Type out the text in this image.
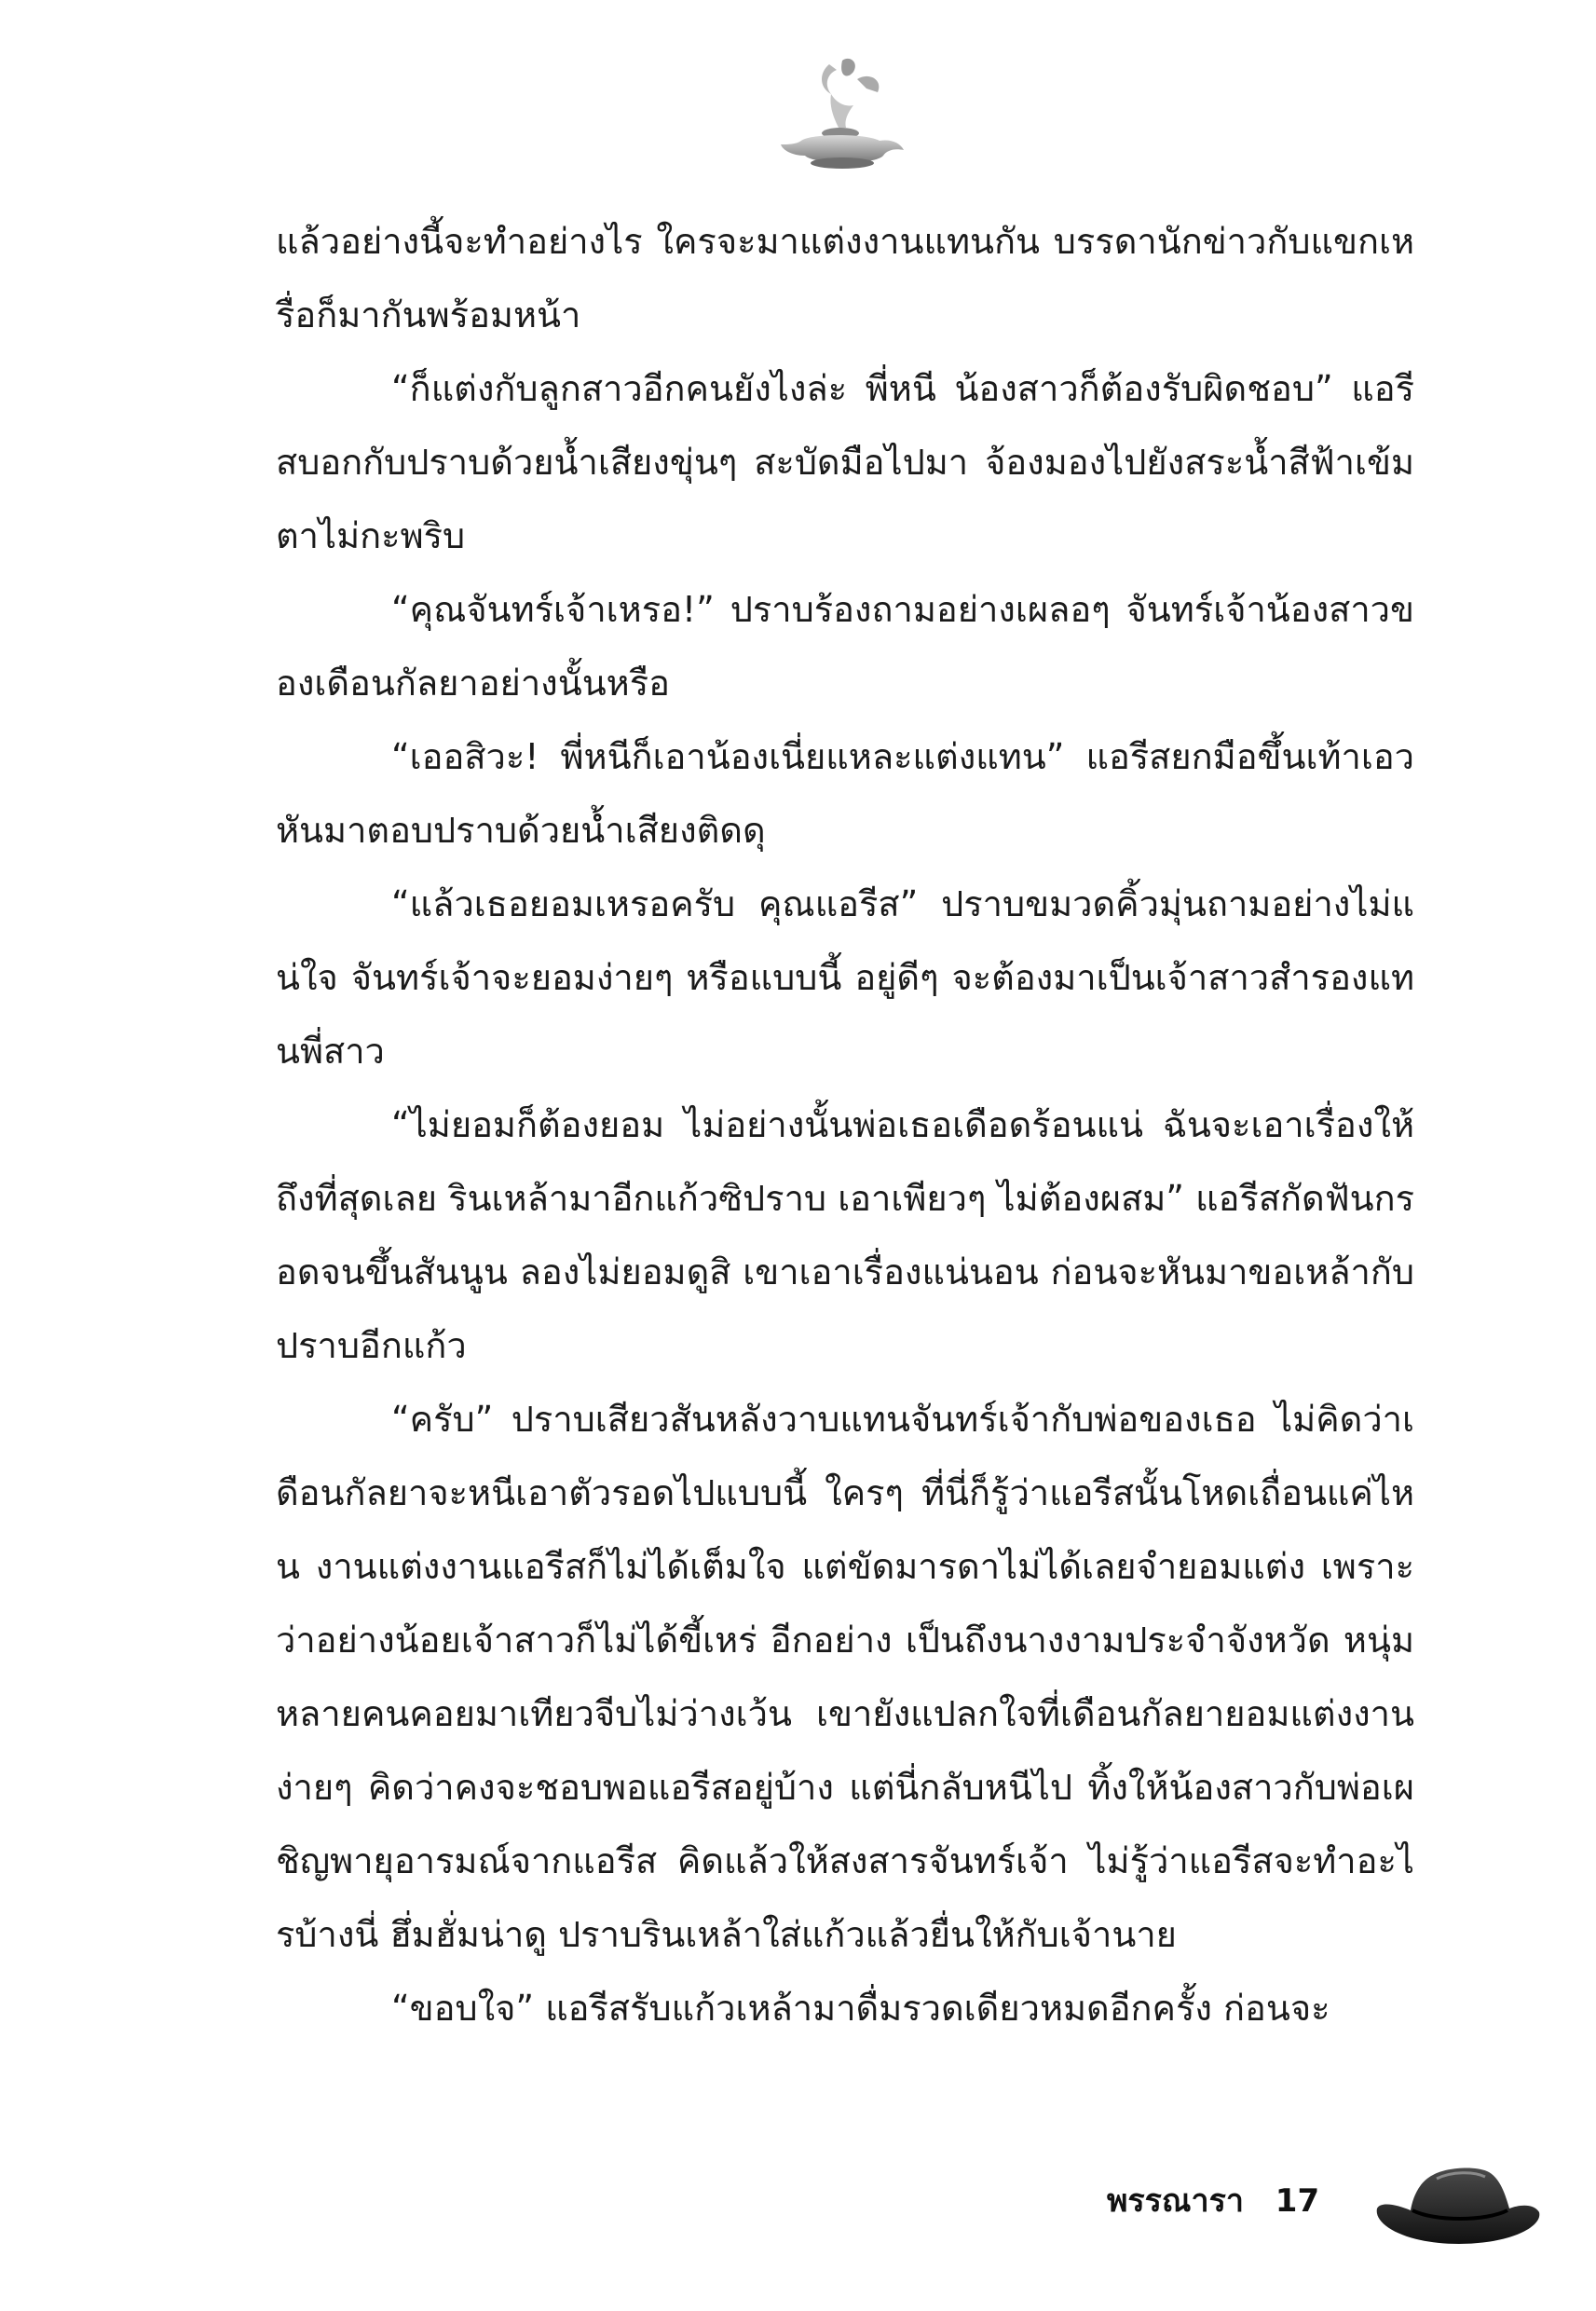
แล้วอย่างนี้จะทำอย่างไร ใครจะมาแต่งงานแทนกัน บรรดานักข่าวกับแขกเหรื่อก็มากันพร้อมหน้า

“ก็แต่งกับลูกสาวอีกคนยังไงล่ะ พี่หนี น้องสาวก็ต้องรับผิดชอบ” แอรีสบอกกับปราบด้วยน้ำเสียงขุ่นๆ สะบัดมือไปมา จ้องมองไปยังสระน้ำสีฟ้าเข้มตาไม่กะพริบ

“คุณจันทร์เจ้าเหรอ!” ปราบร้องถามอย่างเผลอๆ จันทร์เจ้าน้องสาวของเดือนกัลยาอย่างนั้นหรือ

“เออสิวะ! พี่หนีก็เอาน้องเนี่ยแหละแต่งแทน” แอรีสยกมือขึ้นเท้าเอว หันมาตอบปราบด้วยน้ำเสียงติดดุ

“แล้วเธอยอมเหรอครับ คุณแอรีส” ปราบขมวดคิ้วมุ่นถามอย่างไม่แน่ใจ จันทร์เจ้าจะยอมง่ายๆ หรือแบบนี้ อยู่ดีๆ จะต้องมาเป็นเจ้าสาวสำรองแทนพี่สาว

“ไม่ยอมก็ต้องยอม ไม่อย่างนั้นพ่อเธอเดือดร้อนแน่ ฉันจะเอาเรื่องให้ถึงที่สุดเลย รินเหล้ามาอีกแก้วซิปราบ เอาเพียวๆ ไม่ต้องผสม” แอรีสกัดฟันกรอดจนขึ้นสันนูน ลองไม่ยอมดูสิ เขาเอาเรื่องแน่นอน ก่อนจะหันมาขอเหล้ากับปราบอีกแก้ว

“ครับ” ปราบเสียวสันหลังวาบแทนจันทร์เจ้ากับพ่อของเธอ ไม่คิดว่าเดือนกัลยาจะหนีเอาตัวรอดไปแบบนี้ ใครๆ ที่นี่ก็รู้ว่าแอรีสนั้นโหดเถื่อนแค่ไหน งานแต่งงานแอรีสก็ไม่ได้เต็มใจ แต่ขัดมารดาไม่ได้เลยจำยอมแต่ง เพราะว่าอย่างน้อยเจ้าสาวก็ไม่ได้ขี้เหร่ อีกอย่าง เป็นถึงนางงามประจำจังหวัด หนุ่มหลายคนคอยมาเทียวจีบไม่ว่างเว้น เขายังแปลกใจที่เดือนกัลยายอมแต่งงานง่ายๆ คิดว่าคงจะชอบพอแอรีสอยู่บ้าง แต่นี่กลับหนีไป ทิ้งให้น้องสาวกับพ่อเผชิญพายุอารมณ์จากแอรีส คิดแล้วให้สงสารจันทร์เจ้า ไม่รู้ว่าแอรีสจะทำอะไรบ้างนี่ ฮึ่มฮั่มน่าดู ปราบรินเหล้าใส่แก้วแล้วยื่นให้กับเจ้านาย

“ขอบใจ” แอรีสรับแก้วเหล้ามาดื่มรวดเดียวหมดอีกครั้ง ก่อนจะ

พรรณารา 17
